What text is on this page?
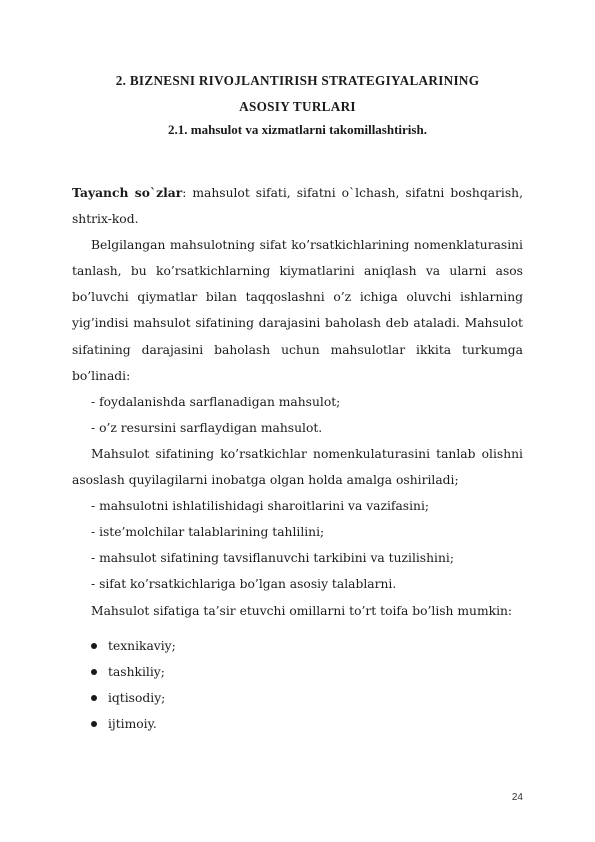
2. BIZNESNI RIVOJLANTIRISH STRATEGIYALARINING
ASOSIY TURLARI
2.1. mahsulot va xizmatlarni takomillashtirish.

Tayanch so`zlar: mahsulot sifati, sifatni o`lchash, sifatni boshqarish, shtrix-kod.

Belgilangan mahsulotning sifat ko’rsatkichlarining nomenklaturasini tanlash, bu ko’rsatkichlarning kiymatlarini aniqlash va ularni asos bo’luvchi qiymatlar bilan taqqoslashni o’z ichiga oluvchi ishlarning yig’indisi mahsulot sifatining darajasini baholash deb ataladi. Mahsulot sifatining darajasini baholash uchun mahsulotlar ikkita turkumga bo’linadi:

- foydalanishda sarflanadigan mahsulot;

- o’z resursini sarflaydigan mahsulot.

Mahsulot sifatining ko’rsatkichlar nomenkulaturasini tanlab olishni asoslash quyilagilarni inobatga olgan holda amalga oshiriladi;

- mahsulotni ishlatilishidagi sharoitlarini va vazifasini;

- iste’molchilar talablarining tahlilini;

- mahsulot sifatining tavsiflanuvchi tarkibini va tuzilishini;

- sifat ko’rsatkichlariga bo’lgan asosiy talablarni.

Mahsulot sifatiga ta’sir etuvchi omillarni to’rt toifa bo’lish mumkin:

texnikaviy;
tashkiliy;
iqtisodiy;
ijtimoiy.
24
